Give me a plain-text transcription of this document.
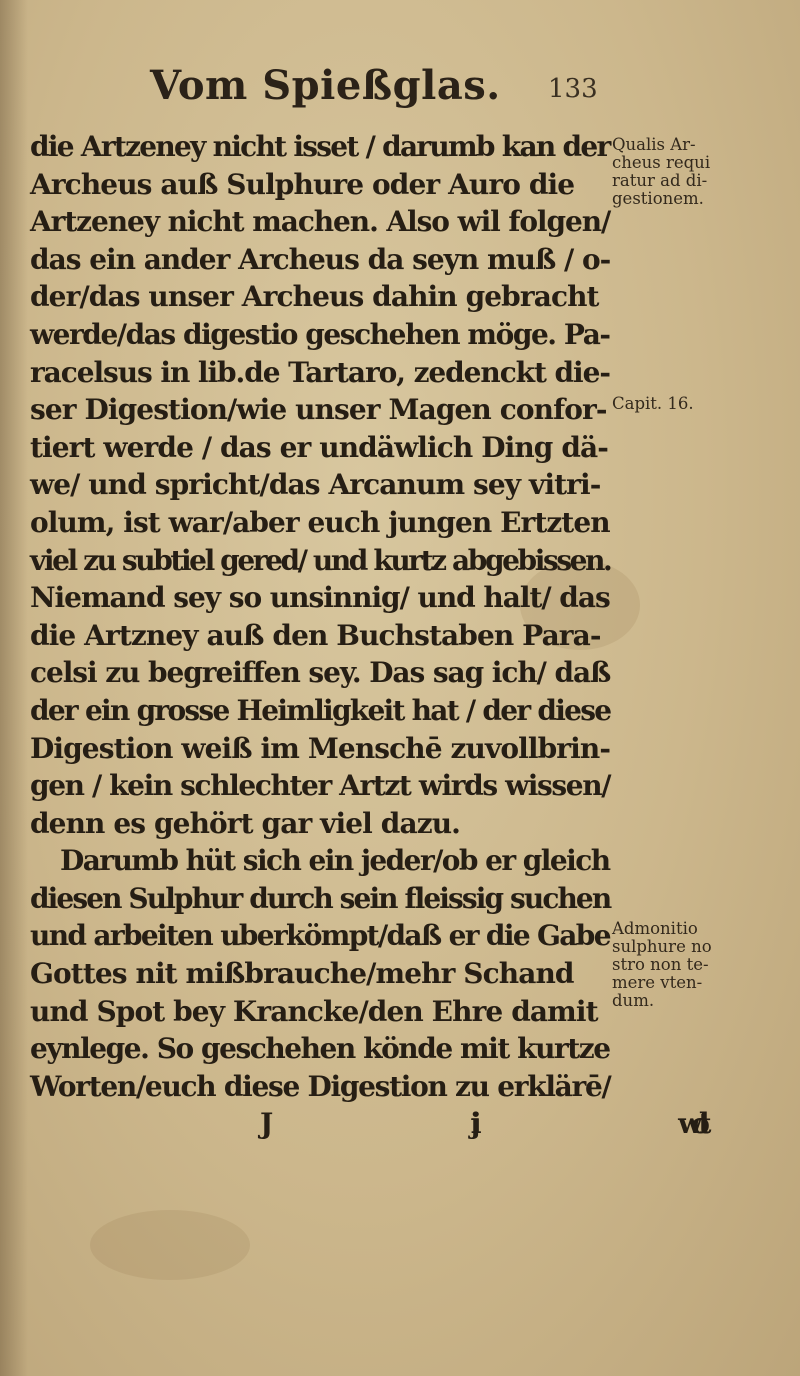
Vom Spießglas. 133
die Artzeney nicht isset / darumb kan der
Archeus auß Sulphure oder Auro die
Artzeney nicht machen. Also wil folgen/
das ein ander Archeus da seyn muß / o-
der/das unser Archeus dahin gebracht
werde/das digestio geschehen möge. Pa-
racelsus in lib.de Tartaro, zedenckt die-
ser Digestion/wie unser Magen confor-
tiert werde / das er undäwlich Ding dä-
we/ und spricht/das Arcanum sey vitri-
olum, ist war/aber euch jungen Ertzten
viel zu subtiel gered/ und kurtz abgebissen.
Niemand sey so unsinnig/ und halt/ das
die Artzney auß den Buchstaben Para-
celsi zu begreiffen sey. Das sag ich/ daß
der ein grosse Heimligkeit hat / der diese
Digestion weiß im Menschē zuvollbrin-
gen / kein schlechter Artzt wirds wissen/
denn es gehört gar viel dazu.
Darumb hüt sich ein jeder/ob er gleich
diesen Sulphur durch sein fleissig suchen
und arbeiten uberkömpt/daß er die Gabe
Gottes nit mißbrauche/mehr Schand
und Spot bey Krancke/den Ehre damit
eynlege. So geschehen könde mit kurtze
Worten/euch diese Digestion zu erklärē/
J iij wolt
Qualis Ar-
cheus requi
ratur ad di-
gestionem.
Capit. 16.
Admonitio
sulphure no
stro non te-
mere vten-
dum.
